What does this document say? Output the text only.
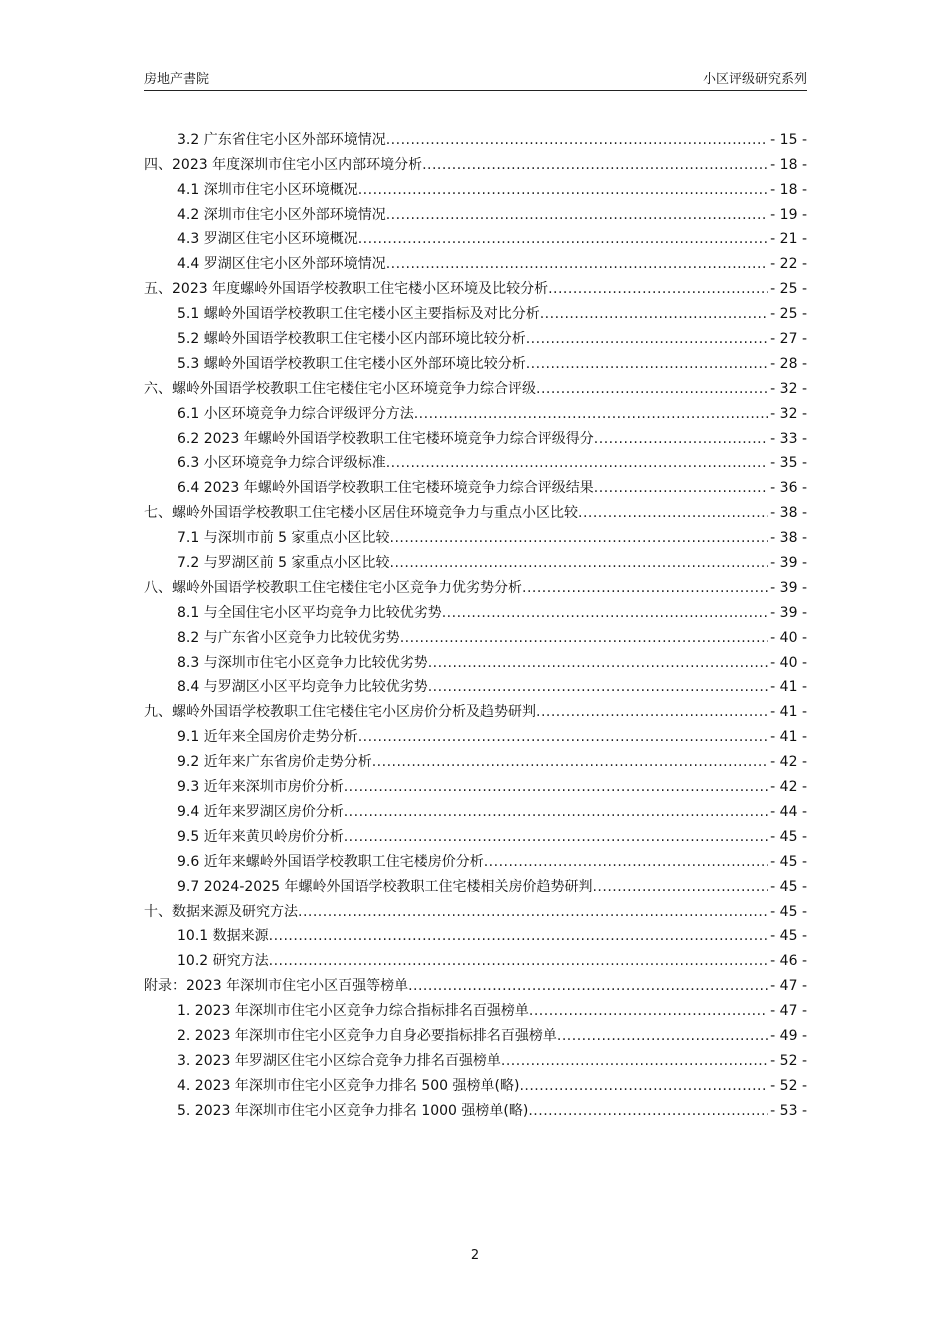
房地产書院	小区评级研究系列
3.2 广东省住宅小区外部环境情况 .....	- 15 -
四、2023 年度深圳市住宅小区内部环境分析 .....	- 18 -
4.1 深圳市住宅小区环境概况 .....	- 18 -
4.2 深圳市住宅小区外部环境情况 .....	- 19 -
4.3 罗湖区住宅小区环境概况 .....	- 21 -
4.4 罗湖区住宅小区外部环境情况 .....	- 22 -
五、2023 年度螺岭外国语学校教职工住宅楼小区环境及比较分析 .....	- 25 -
5.1 螺岭外国语学校教职工住宅楼小区主要指标及对比分析 .....	- 25 -
5.2 螺岭外国语学校教职工住宅楼小区内部环境比较分析 .....	- 27 -
5.3 螺岭外国语学校教职工住宅楼小区外部环境比较分析 .....	- 28 -
六、螺岭外国语学校教职工住宅楼住宅小区环境竞争力综合评级 .....	- 32 -
6.1 小区环境竞争力综合评级评分方法 .....	- 32 -
6.2 2023 年螺岭外国语学校教职工住宅楼环境竞争力综合评级得分 .....	- 33 -
6.3 小区环境竞争力综合评级标准 .....	- 35 -
6.4 2023 年螺岭外国语学校教职工住宅楼环境竞争力综合评级结果 .....	- 36 -
七、螺岭外国语学校教职工住宅楼小区居住环境竞争力与重点小区比较 .....	- 38 -
7.1 与深圳市前 5 家重点小区比较 .....	- 38 -
7.2 与罗湖区前 5 家重点小区比较 .....	- 39 -
八、螺岭外国语学校教职工住宅楼住宅小区竞争力优劣势分析 .....	- 39 -
8.1 与全国住宅小区平均竞争力比较优劣势 .....	- 39 -
8.2 与广东省小区竞争力比较优劣势 .....	- 40 -
8.3 与深圳市住宅小区竞争力比较优劣势 .....	- 40 -
8.4 与罗湖区小区平均竞争力比较优劣势 .....	- 41 -
九、螺岭外国语学校教职工住宅楼住宅小区房价分析及趋势研判 .....	- 41 -
9.1 近年来全国房价走势分析 .....	- 41 -
9.2 近年来广东省房价走势分析 .....	- 42 -
9.3 近年来深圳市房价分析 .....	- 42 -
9.4 近年来罗湖区房价分析 .....	- 44 -
9.5 近年来黄贝岭房价分析 .....	- 45 -
9.6 近年来螺岭外国语学校教职工住宅楼房价分析 .....	- 45 -
9.7 2024-2025 年螺岭外国语学校教职工住宅楼相关房价趋势研判 .....	- 45 -
十、数据来源及研究方法 .....	- 45 -
10.1 数据来源 .....	- 45 -
10.2 研究方法 .....	- 46 -
附录：2023 年深圳市住宅小区百强等榜单 .....	- 47 -
1. 2023 年深圳市住宅小区竞争力综合指标排名百强榜单 .....	- 47 -
2. 2023 年深圳市住宅小区竞争力自身必要指标排名百强榜单 .....	- 49 -
3. 2023 年罗湖区住宅小区综合竞争力排名百强榜单 .....	- 52 -
4. 2023 年深圳市住宅小区竞争力排名 500 强榜单(略) .....	- 52 -
5. 2023 年深圳市住宅小区竞争力排名 1000 强榜单(略) .....	- 53 -
2
